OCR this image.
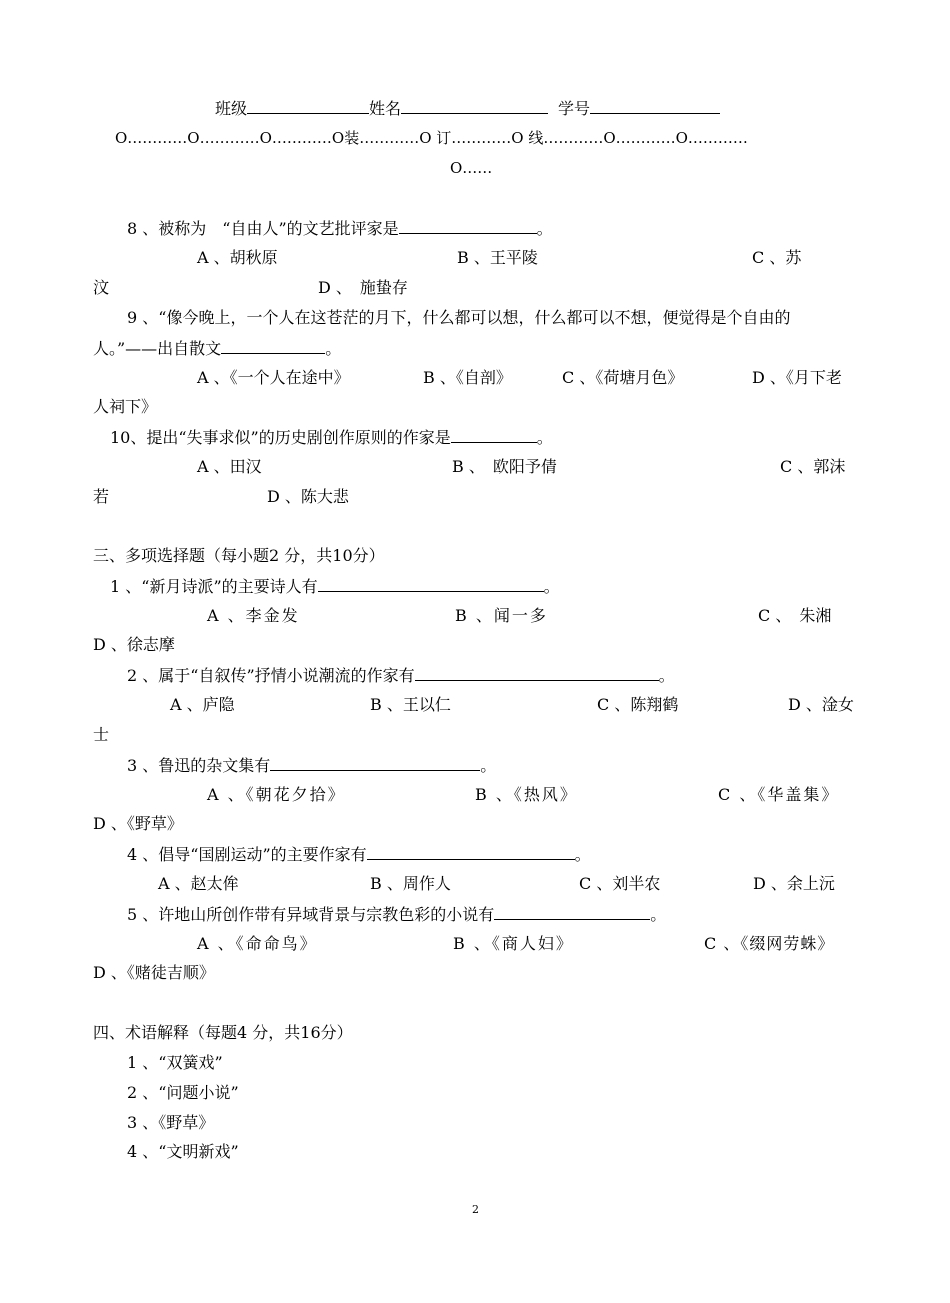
班级	姓名	学号
O…………O…………O…………O装…………O 订…………O 线…………O…………O…………
O……
8 、被称为　“自由人”的文艺批评家是	。
A 、胡秋原	B 、王平陵	C 、苏
汶	D 、　施蛰存
9 、“像今晚上，一个人在这苍茫的月下，什么都可以想，什么都可以不想，便觉得是个自由的
人。”——出自散文	。
A 、《一个人在途中》	B 、《自剖》	C 、《荷塘月色》	D 、《月下老
人祠下》
10、提出“失事求似”的历史剧创作原则的作家是	。
A 、田汉	B 、　欧阳予倩	C 、郭沫
若	D 、陈大悲
三、多项选择题（每小题2 分，共10分）
1 、“新月诗派”的主要诗人有	。
A 、李金发	B 、闻一多	C 、　朱湘
D 、徐志摩
2 、属于“自叙传”抒情小说潮流的作家有	。
A 、庐隐	B 、王以仁	C 、陈翔鹤	D 、淦女
士
3 、鲁迅的杂文集有	。
A 、《朝花夕拾》	B 、《热风》	C 、《华盖集》
D 、《野草》
4 、倡导“国剧运动”的主要作家有	。
A 、赵太侔	B 、周作人	C 、刘半农	D 、余上沅
5 、许地山所创作带有异域背景与宗教色彩的小说有	。
A 、《命命鸟》	B 、《商人妇》	C 、《缀网劳蛛》
D 、《赌徒吉顺》
四、术语解释（每题4 分，共16分）
1 、“双簧戏”
2 、“问题小说”
3 、《野草》
4 、“文明新戏”
2
